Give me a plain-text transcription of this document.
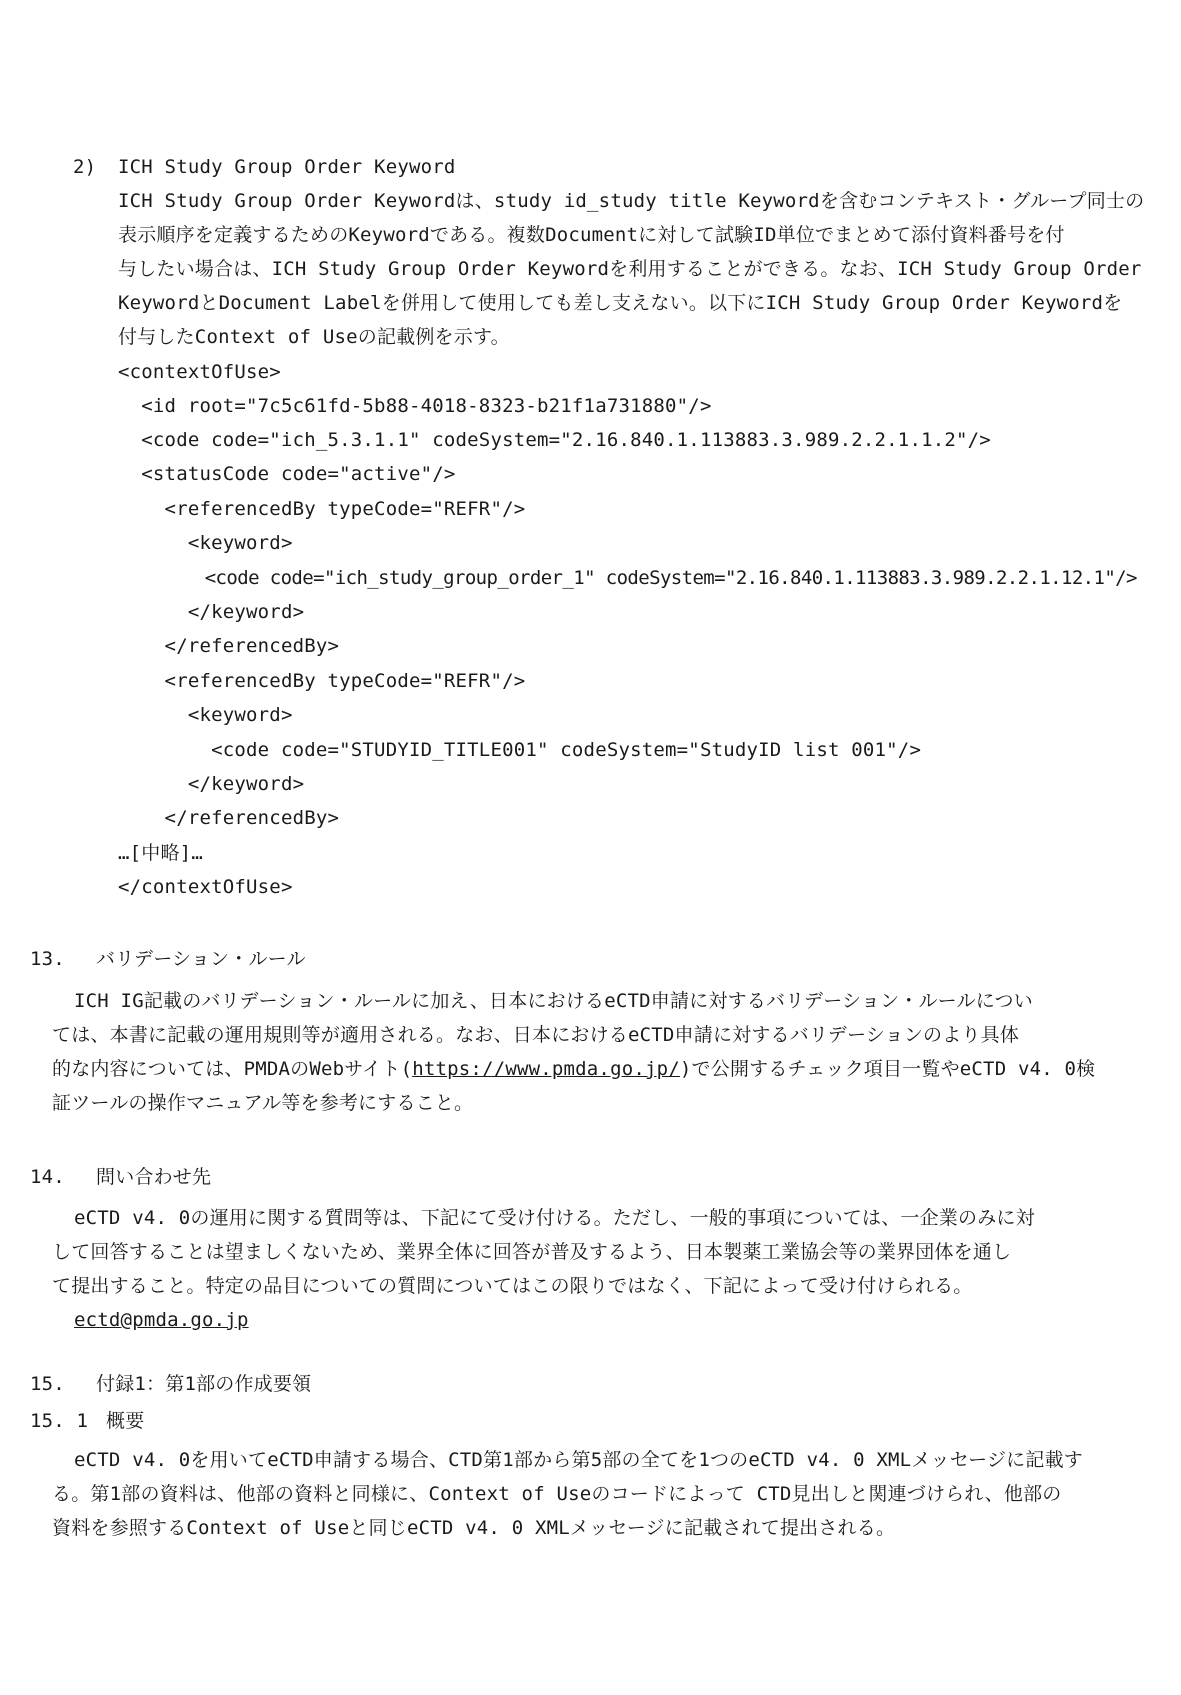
2) ICH Study Group Order Keyword
ICH Study Group Order Keywordは、study id_study title Keywordを含むコンテキスト・グループ同士の
表示順序を定義するためのKeywordである。複数Documentに対して試験ID単位でまとめて添付資料番号を付
与したい場合は、ICH Study Group Order Keywordを利用することができる。なお、ICH Study Group Order
KeywordとDocument Labelを併用して使用しても差し支えない。以下にICH Study Group Order Keywordを
付与したContext of Useの記載例を示す。
<contextOfUse>
<id root="7c5c61fd-5b88-4018-8323-b21f1a731880"/>
<code code="ich_5.3.1.1" codeSystem="2.16.840.1.113883.3.989.2.2.1.1.2"/>
<statusCode code="active"/>
<referencedBy typeCode="REFR"/>
<keyword>
<code code="ich_study_group_order_1" codeSystem="2.16.840.1.113883.3.989.2.2.1.12.1"/>
</keyword>
</referencedBy>
<referencedBy typeCode="REFR"/>
<keyword>
<code code="STUDYID_TITLE001" codeSystem="StudyID list 001"/>
</keyword>
</referencedBy>
…[中略]…
</contextOfUse>
13. バリデーション・ルール
ICH IG記載のバリデーション・ルールに加え、日本におけるeCTD申請に対するバリデーション・ルールについ
ては、本書に記載の運用規則等が適用される。なお、日本におけるeCTD申請に対するバリデーションのより具体
的な内容については、PMDAのWebサイト(https://www.pmda.go.jp/)で公開するチェック項目一覧やeCTD v4. 0検
証ツールの操作マニュアル等を参考にすること。
14. 問い合わせ先
eCTD v4. 0の運用に関する質問等は、下記にて受け付ける。ただし、一般的事項については、一企業のみに対
して回答することは望ましくないため、業界全体に回答が普及するよう、日本製薬工業協会等の業界団体を通し
て提出すること。特定の品目についての質問についてはこの限りではなく、下記によって受け付けられる。
ectd@pmda.go.jp
15. 付録1：第1部の作成要領
15. 1 概要
eCTD v4. 0を用いてeCTD申請する場合、CTD第1部から第5部の全てを1つのeCTD v4. 0 XMLメッセージに記載す
る。第1部の資料は、他部の資料と同様に、Context of Useのコードによって CTD見出しと関連づけられ、他部の
資料を参照するContext of Useと同じeCTD v4. 0 XMLメッセージに記載されて提出される。
